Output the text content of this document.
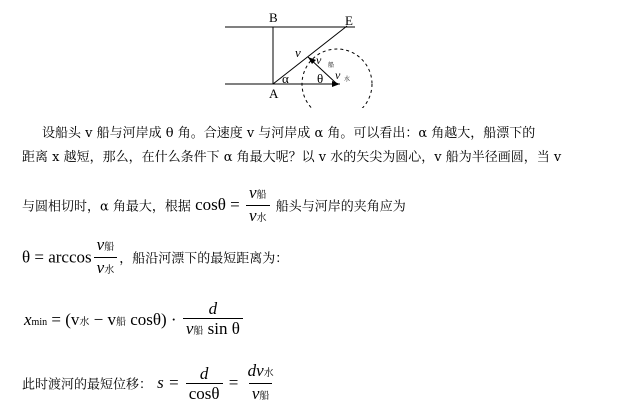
B	E
A
v v 船
v 水
α θ
设船头 v 船与河岸成 θ 角。合速度 v 与河岸成 α 角。可以看出：α 角越大，船漂下的
距离 x 越短，那么，在什么条件下 α 角最大呢？以 v 水的矢尖为圆心，v 船为半径画圆，当 v
与圆相切时，α 角最大，根据 $\cos\theta = \frac{\text{v船}}{\text{v水}}$ 船头与河岸的夹角应为
$\theta = \arccos \frac{\text{v船}}{\text{v水}}$ ，船沿河漂下的最短距离为：
xmin = (v水 − v船 $\cos\theta) \cdot \frac{d}{\text{v船 sin θ}}$
此时渡河的最短位移： $s = \frac{d}{\cos\theta} = \frac{\text{dv水}}{\text{v船}}$
